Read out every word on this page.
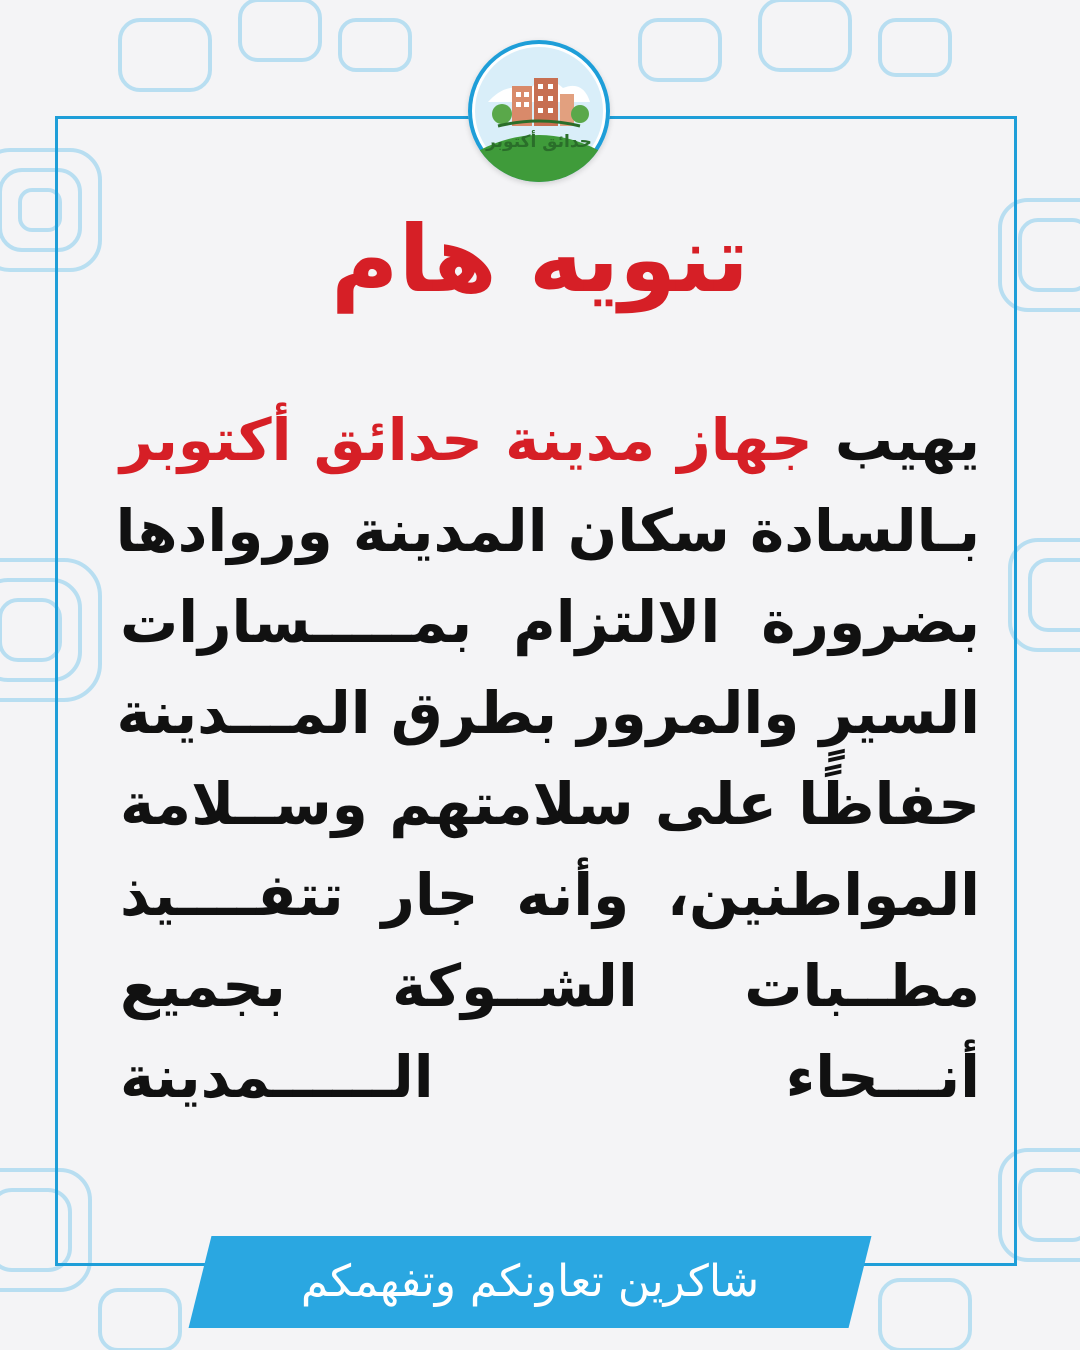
حدائق أكتوبر
تنويه هام
يهيب جهاز مدينة حدائق أكتوبر
بـالسادة سكان المدينة وروادها
بضرورة الالتزام بمـــــسارات
السيرٍ والمرور بطرق المـــدينة
حفاظًا على سلامتهم وســلامة
المواطنين، وأنه جار تتفــــيذ
مطــبات الشــوكة بجميع
أنـــحاء الــــــمدينة
شاكرين تعاونكم وتفهمكم
